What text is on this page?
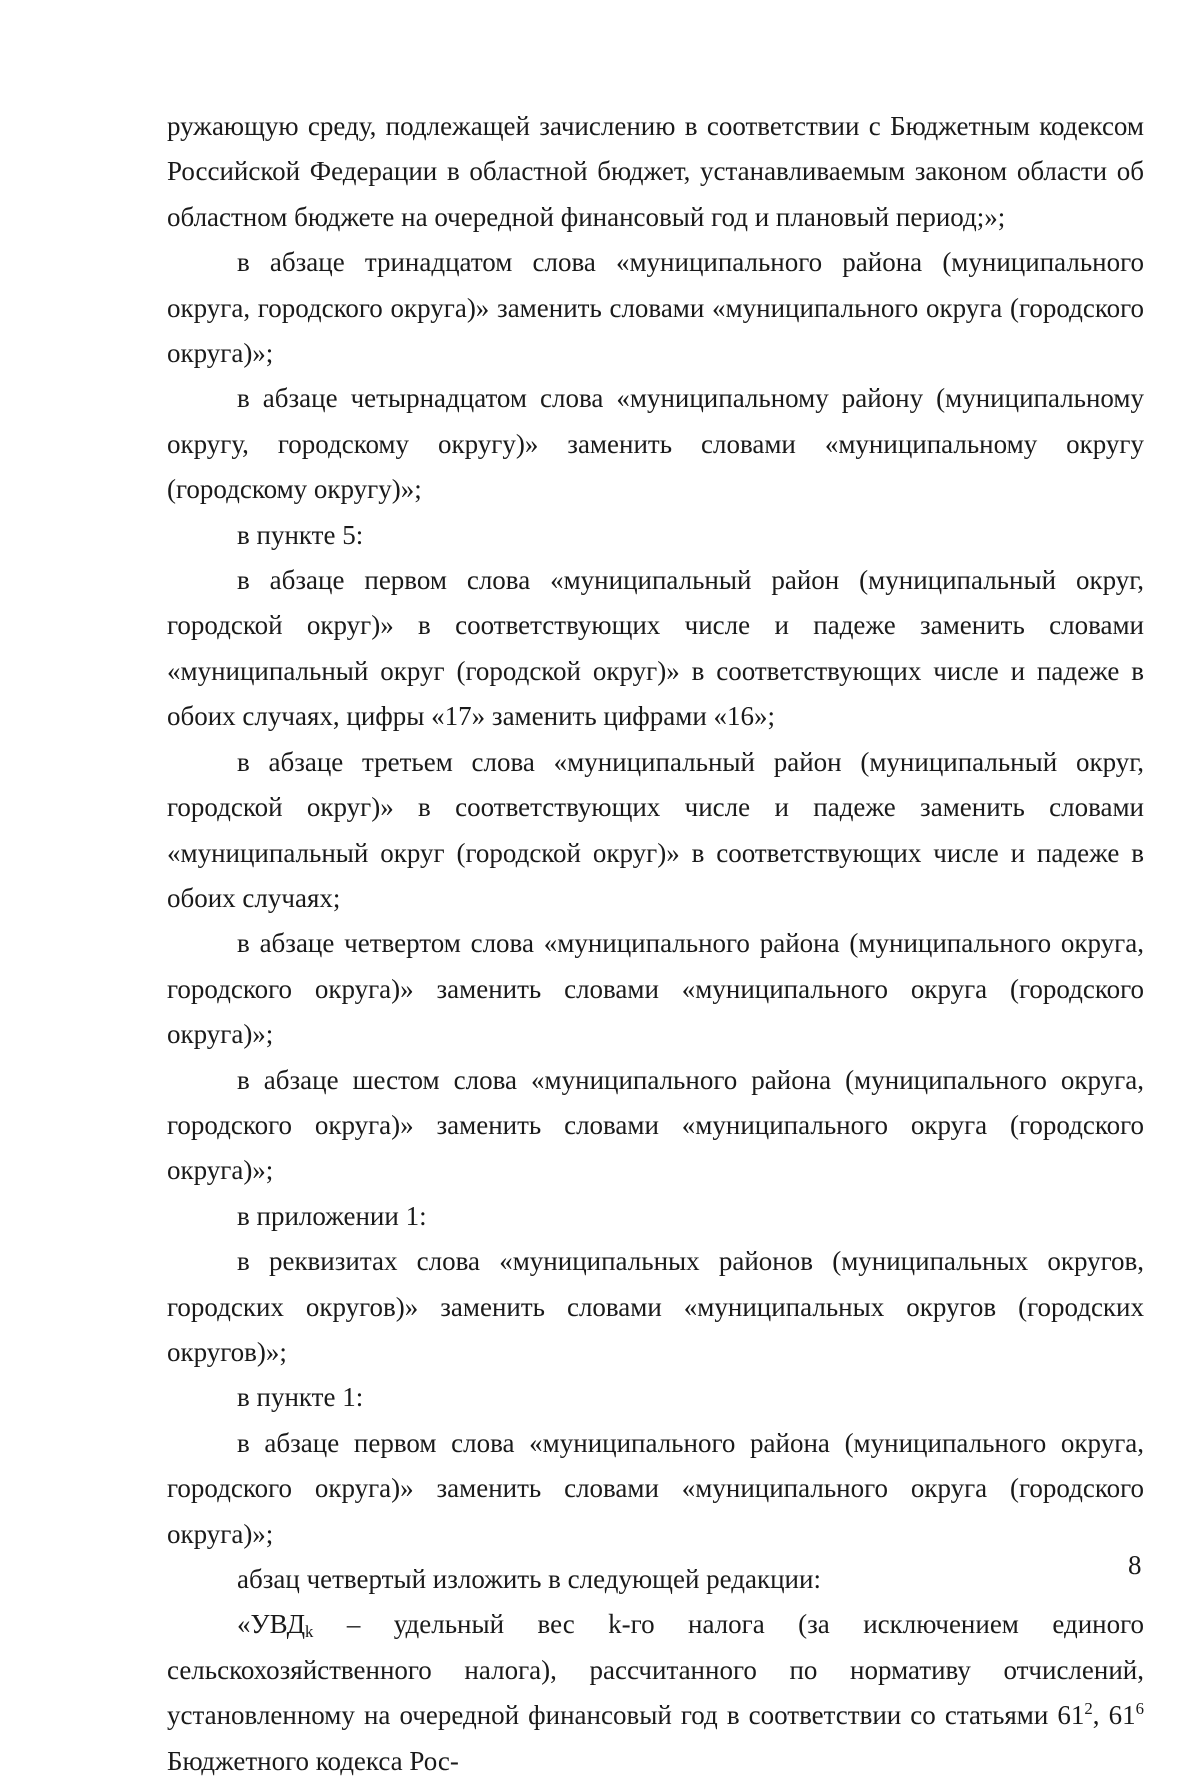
ружающую среду, подлежащей зачислению в соответствии с Бюджетным кодексом Российской Федерации в областной бюджет, устанавливаемым законом области об областном бюджете на очередной финансовый год и плановый период;»;

в абзаце тринадцатом слова «муниципального района (муниципального округа, городского округа)» заменить словами «муниципального округа (городского округа)»;

в абзаце четырнадцатом слова «муниципальному району (муниципальному округу, городскому округу)» заменить словами «муниципальному округу (городскому округу)»;

в пункте 5:

в абзаце первом слова «муниципальный район (муниципальный округ, городской округ)» в соответствующих числе и падеже заменить словами «муниципальный округ (городской округ)» в соответствующих числе и падеже в обоих случаях, цифры «17» заменить цифрами «16»;

в абзаце третьем слова «муниципальный район (муниципальный округ, городской округ)» в соответствующих числе и падеже заменить словами «муниципальный округ (городской округ)» в соответствующих числе и падеже в обоих случаях;

в абзаце четвертом слова «муниципального района (муниципального округа, городского округа)» заменить словами «муниципального округа (городского округа)»;

в абзаце шестом слова «муниципального района (муниципального округа, городского округа)» заменить словами «муниципального округа (городского округа)»;

в приложении 1:

в реквизитах слова «муниципальных районов (муниципальных округов, городских округов)» заменить словами «муниципальных округов (городских округов)»;

в пункте 1:

в абзаце первом слова «муниципального района (муниципального округа, городского округа)» заменить словами «муниципального округа (городского округа)»;

абзац четвертый изложить в следующей редакции:

«$УВД_k$ – удельный вес k-го налога (за исключением единого сельскохозяйственного налога), рассчитанного по нормативу отчислений, установленному на очередной финансовый год в соответствии со статьями $61^2$, $61^6$ Бюджетного кодекса Рос-

8
